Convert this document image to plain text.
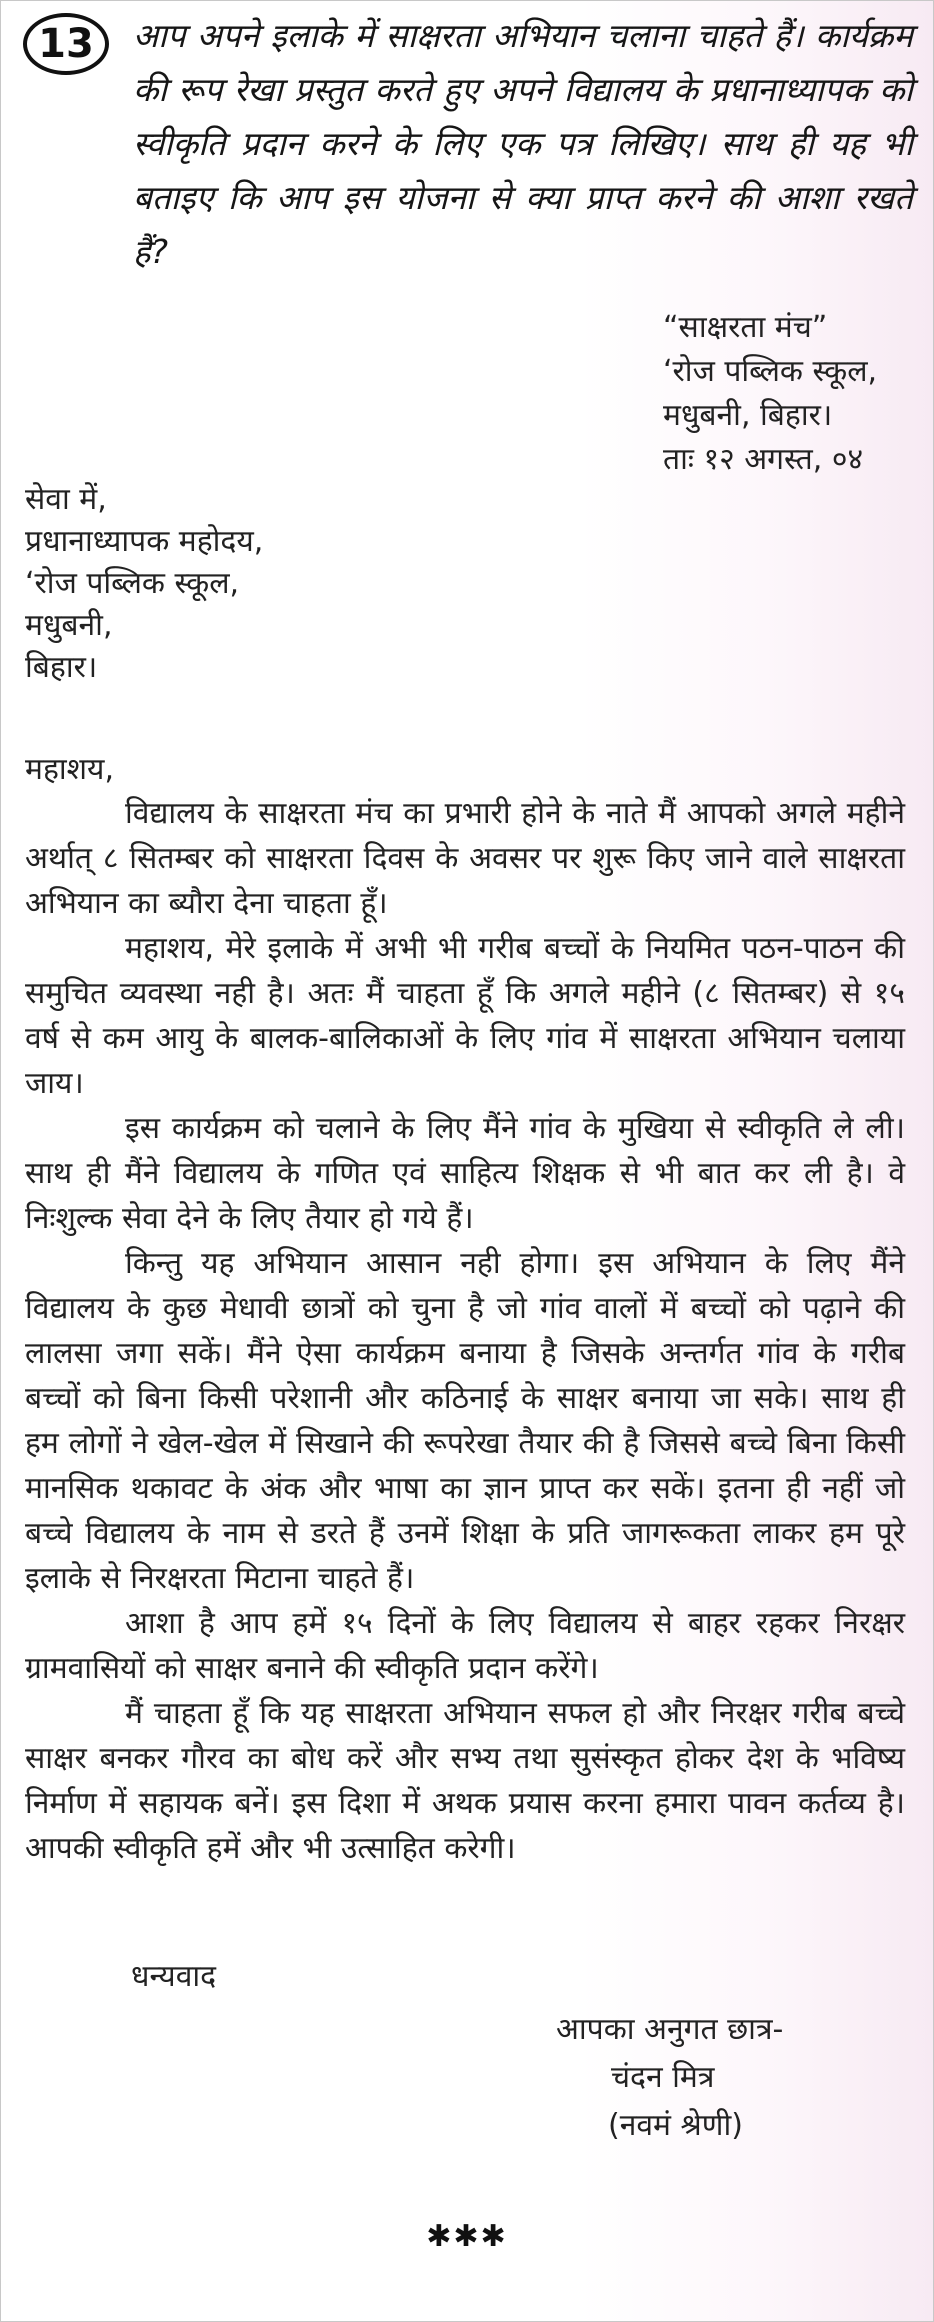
13	आप अपने इलाके में साक्षरता अभियान चलाना चाहते हैं। कार्यक्रम की रूप रेखा प्रस्तुत करते हुए अपने विद्यालय के प्रधानाध्यापक को स्वीकृति प्रदान करने के लिए एक पत्र लिखिए। साथ ही यह भी बताइए कि आप इस योजना से क्या प्राप्त करने की आशा रखते हैं?

“साक्षरता मंच”
‘रोज पब्लिक स्कूल,
मधुबनी, बिहार।
ताः १२ अगस्त, ०४
सेवा में,
प्रधानाध्यापक महोदय,
‘रोज पब्लिक स्कूल,
मधुबनी,
बिहार।
महाशय,

विद्यालय के साक्षरता मंच का प्रभारी होने के नाते मैं आपको अगले महीने अर्थात् ८ सितम्बर को साक्षरता दिवस के अवसर पर शुरू किए जाने वाले साक्षरता अभियान का ब्यौरा देना चाहता हूँ।

महाशय, मेरे इलाके में अभी भी गरीब बच्चों के नियमित पठन-पाठन की समुचित व्यवस्था नही है। अतः मैं चाहता हूँ कि अगले महीने (८ सितम्बर) से १५ वर्ष से कम आयु के बालक-बालिकाओं के लिए गांव में साक्षरता अभियान चलाया जाय।

इस कार्यक्रम को चलाने के लिए मैंने गांव के मुखिया से स्वीकृति ले ली। साथ ही मैंने विद्यालय के गणित एवं साहित्य शिक्षक से भी बात कर ली है। वे निःशुल्क सेवा देने के लिए तैयार हो गये हैं।

किन्तु यह अभियान आसान नही होगा। इस अभियान के लिए मैंने विद्यालय के कुछ मेधावी छात्रों को चुना है जो गांव वालों में बच्चों को पढ़ाने की लालसा जगा सकें। मैंने ऐसा कार्यक्रम बनाया है जिसके अन्तर्गत गांव के गरीब बच्चों को बिना किसी परेशानी और कठिनाई के साक्षर बनाया जा सके। साथ ही हम लोगों ने खेल-खेल में सिखाने की रूपरेखा तैयार की है जिससे बच्चे बिना किसी मानसिक थकावट के अंक और भाषा का ज्ञान प्राप्त कर सकें। इतना ही नहीं जो बच्चे विद्यालय के नाम से डरते हैं उनमें शिक्षा के प्रति जागरूकता लाकर हम पूरे इलाके से निरक्षरता मिटाना चाहते हैं।

आशा है आप हमें १५ दिनों के लिए विद्यालय से बाहर रहकर निरक्षर ग्रामवासियों को साक्षर बनाने की स्वीकृति प्रदान करेंगे।

मैं चाहता हूँ कि यह साक्षरता अभियान सफल हो और निरक्षर गरीब बच्चे साक्षर बनकर गौरव का बोध करें और सभ्य तथा सुसंस्कृत होकर देश के भविष्य निर्माण में सहायक बनें। इस दिशा में अथक प्रयास करना हमारा पावन कर्तव्य है। आपकी स्वीकृति हमें और भी उत्साहित करेगी।

धन्यवाद
आपका अनुगत छात्र-
चंदन मित्र
(नवमं श्रेणी)
✱✱✱
